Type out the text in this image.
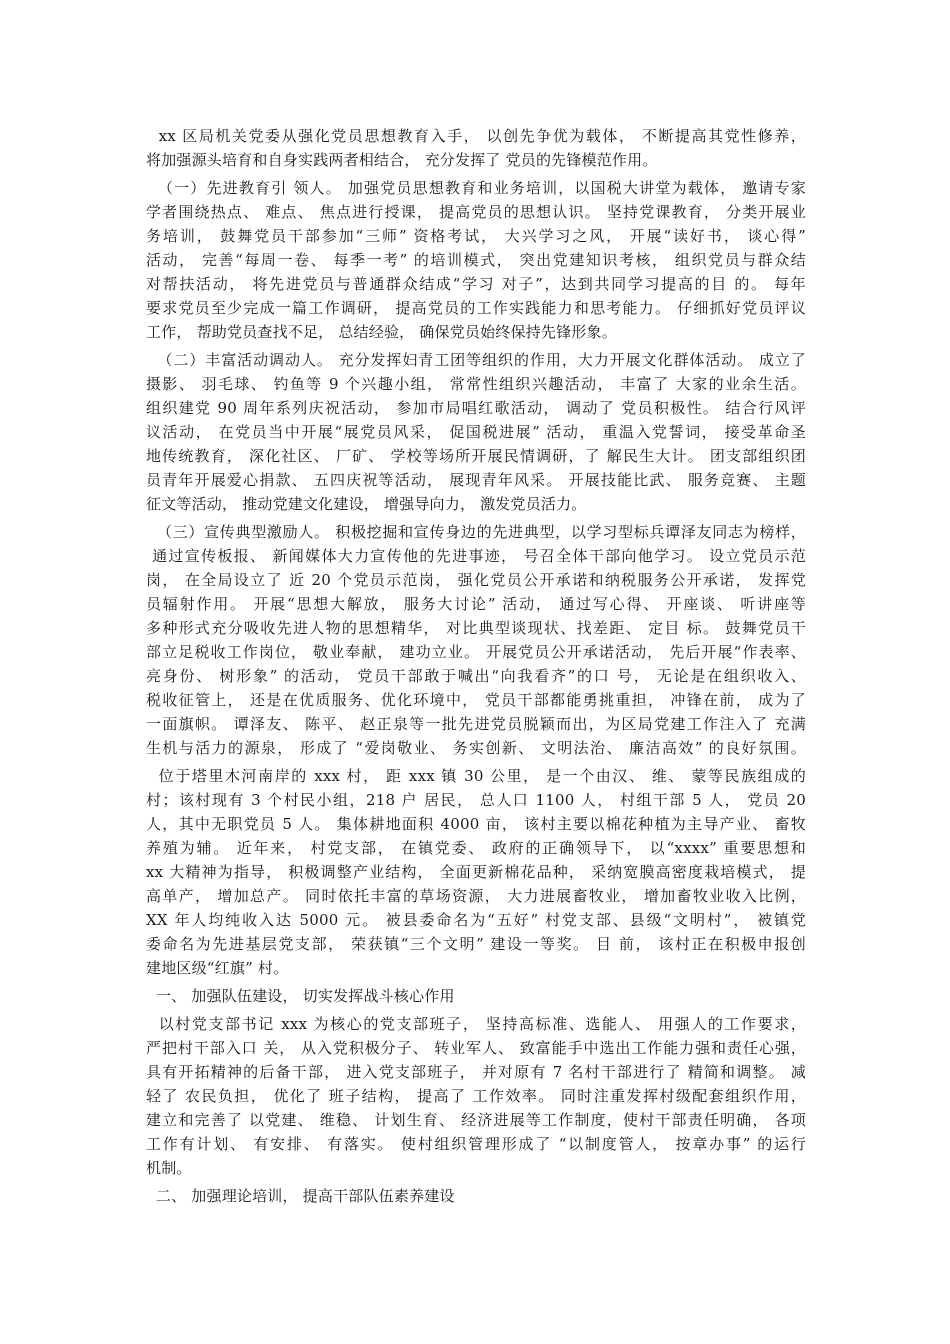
xx 区局机关党委从强化党员思想教育入手， 以创先争优为载体， 不断提高其党性修养，
将加强源头培育和自身实践两者相结合， 充分发挥了 党员的先锋模范作用。
（一）先进教育引 领人。 加强党员思想教育和业务培训，以国税大讲堂为载体， 邀请专家
学者围绕热点、 难点、 焦点进行授课， 提高党员的思想认识。 坚持党课教育， 分类开展业
务培训， 鼓舞党员干部参加“三师” 资格考试， 大兴学习之风， 开展“读好书， 谈心得”
活动， 完善“每周一卷、 每季一考” 的培训模式， 突出党建知识考核， 组织党员与群众结
对帮扶活动， 将先进党员与普通群众结成“学习 对子”，达到共同学习提高的目 的。 每年
要求党员至少完成一篇工作调研， 提高党员的工作实践能力和思考能力。 仔细抓好党员评议
工作， 帮助党员查找不足， 总结经验， 确保党员始终保持先锋形象。
（二）丰富活动调动人。 充分发挥妇青工团等组织的作用，大力开展文化群体活动。 成立了
摄影、 羽毛球、 钓鱼等 9 个兴趣小组， 常常性组织兴趣活动， 丰富了 大家的业余生活。
组织建党 90 周年系列庆祝活动， 参加市局唱红歌活动， 调动了 党员积极性。 结合行风评
议活动， 在党员当中开展“展党员风采， 促国税进展” 活动， 重温入党誓词， 接受革命圣
地传统教育， 深化社区、 厂矿、 学校等场所开展民情调研，了 解民生大计。 团支部组织团
员青年开展爱心捐款、 五四庆祝等活动， 展现青年风采。 开展技能比武、 服务竞赛、 主题
征文等活动， 推动党建文化建设， 增强导向力， 激发党员活力。
（三）宣传典型激励人。 积极挖掘和宣传身边的先进典型，以学习型标兵谭泽友同志为榜样，
通过宣传板报、 新闻媒体大力宣传他的先进事迹， 号召全体干部向他学习。 设立党员示范
岗， 在全局设立了 近 20 个党员示范岗， 强化党员公开承诺和纳税服务公开承诺， 发挥党
员辐射作用。 开展“思想大解放， 服务大讨论” 活动， 通过写心得、 开座谈、 听讲座等
多种形式充分吸收先进人物的思想精华， 对比典型谈现状、找差距、 定目 标。 鼓舞党员干
部立足税收工作岗位， 敬业奉献， 建功立业。 开展党员公开承诺活动， 先后开展“作表率、
亮身份、 树形象” 的活动， 党员干部敢于喊出“向我看齐”的口 号， 无论是在组织收入、
税收征管上， 还是在优质服务、优化环境中， 党员干部都能勇挑重担， 冲锋在前， 成为了
一面旗帜。 谭泽友、 陈平、 赵正泉等一批先进党员脱颖而出，为区局党建工作注入了 充满
生机与活力的源泉， 形成了 “爱岗敬业、 务实创新、 文明法治、 廉洁高效” 的良好氛围。
位于塔里木河南岸的 xxx 村， 距 xxx 镇 30 公里， 是一个由汉、 维、 蒙等民族组成的
村；该村现有 3 个村民小组，218 户 居民， 总人口 1100 人， 村组干部 5 人， 党员 20
人，其中无职党员 5 人。 集体耕地面积 4000 亩， 该村主要以棉花种植为主导产业、 畜牧
养殖为辅。 近年来， 村党支部， 在镇党委、 政府的正确领导下， 以“xxxx” 重要思想和
xx 大精神为指导， 积极调整产业结构， 全面更新棉花品种， 采纳宽膜高密度栽培模式， 提
高单产， 增加总产。 同时依托丰富的草场资源， 大力进展畜牧业， 增加畜牧业收入比例，
XX 年人均纯收入达 5000 元。 被县委命名为“五好” 村党支部、县级“文明村”， 被镇党
委命名为先进基层党支部， 荣获镇“三个文明” 建设一等奖。 目 前， 该村正在积极申报创
建地区级“红旗” 村。
一、 加强队伍建设， 切实发挥战斗核心作用
以村党支部书记 xxx 为核心的党支部班子， 坚持高标准、选能人、 用强人的工作要求，
严把村干部入口 关， 从入党积极分子、 转业军人、 致富能手中选出工作能力强和责任心强，
具有开拓精神的后备干部， 进入党支部班子， 并对原有 7 名村干部进行了 精简和调整。 减
轻了 农民负担， 优化了 班子结构， 提高了 工作效率。 同时注重发挥村级配套组织作用，
建立和完善了 以党建、 维稳、 计划生育、 经济进展等工作制度，使村干部责任明确， 各项
工作有计划、 有安排、 有落实。 使村组织管理形成了 “以制度管人， 按章办事” 的运行
机制。
二、 加强理论培训， 提高干部队伍素养建设
